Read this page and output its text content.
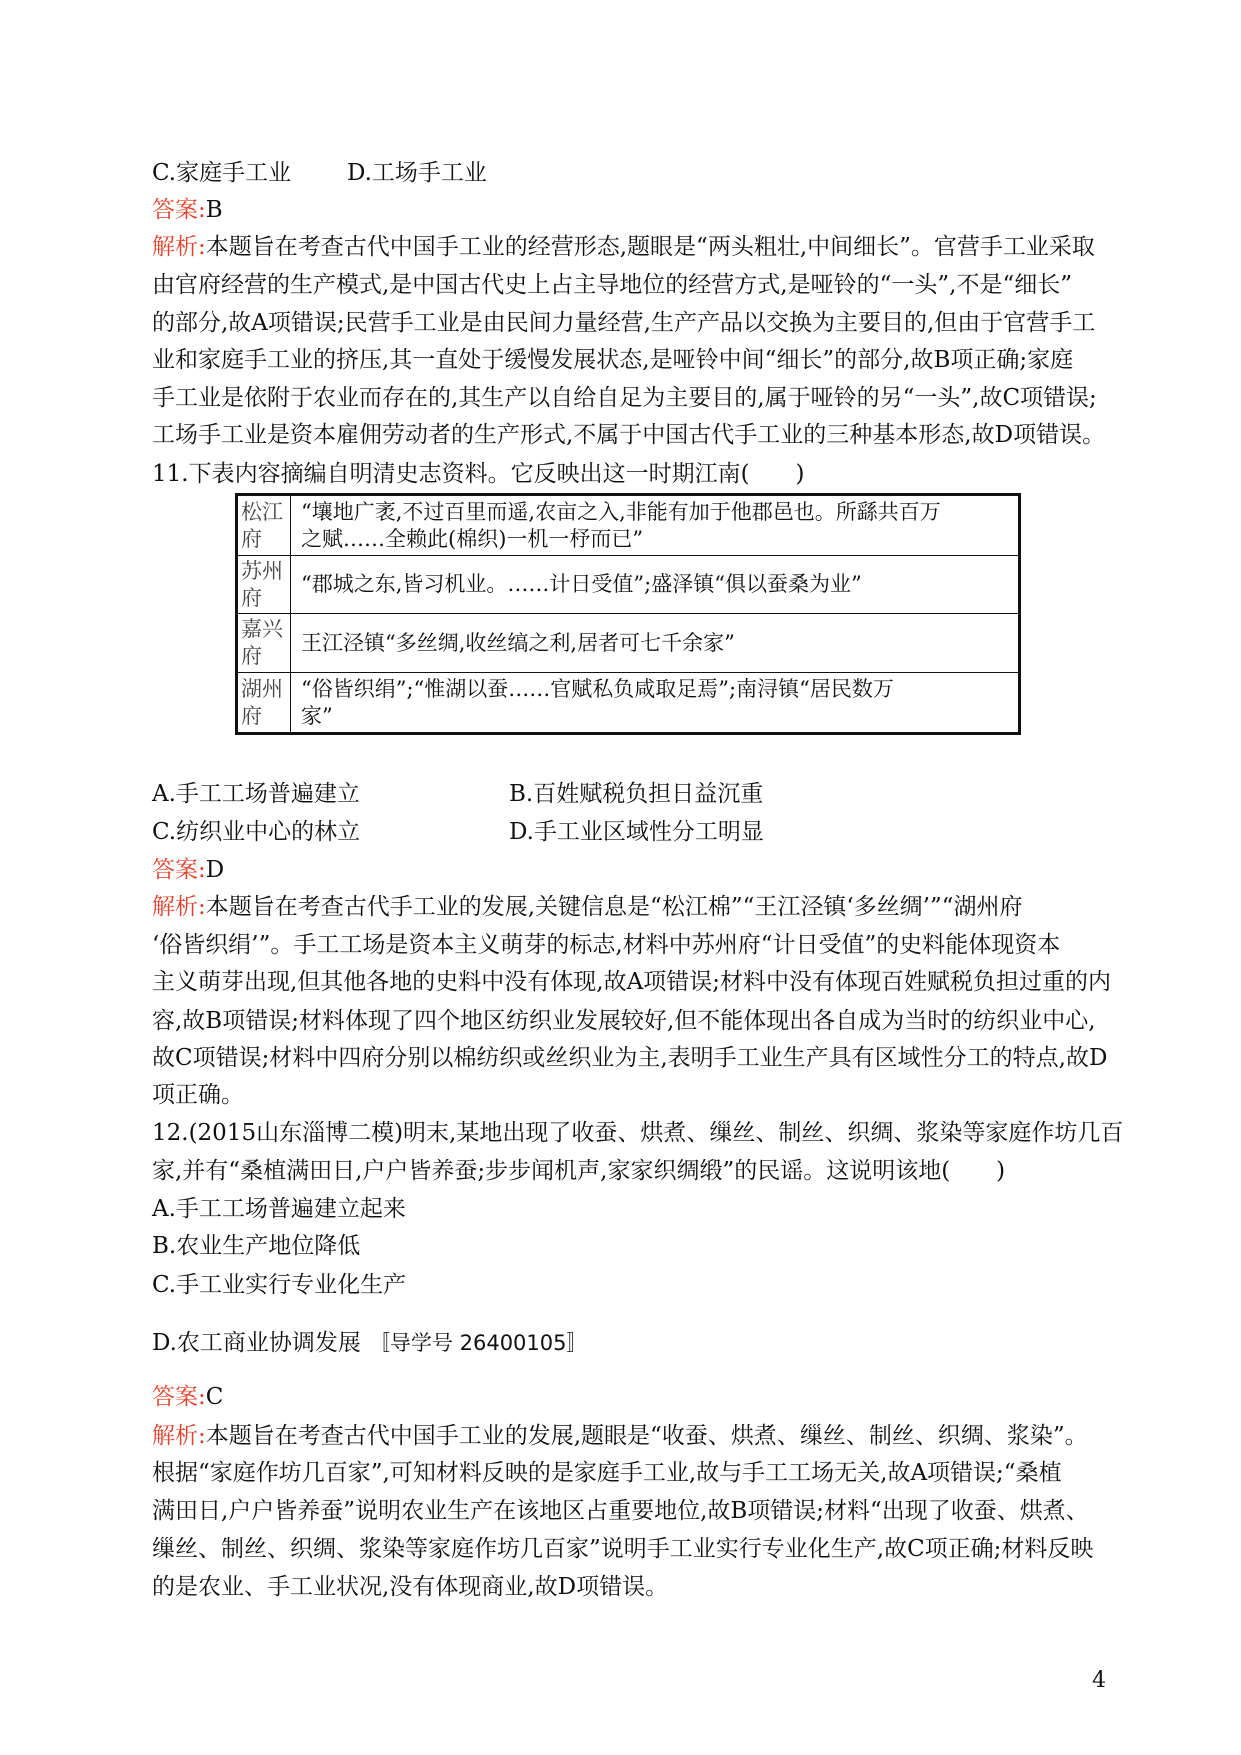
C.家庭手工业 D.工场手工业
答案:B
解析:本题旨在考查古代中国手工业的经营形态,题眼是“两头粗壮,中间细长”。官营手工业采取
由官府经营的生产模式,是中国古代史上占主导地位的经营方式,是哑铃的“一头”,不是“细长”
的部分,故A项错误;民营手工业是由民间力量经营,生产产品以交换为主要目的,但由于官营手工
业和家庭手工业的挤压,其一直处于缓慢发展状态,是哑铃中间“细长”的部分,故B项正确;家庭
手工业是依附于农业而存在的,其生产以自给自足为主要目的,属于哑铃的另“一头”,故C项错误;
工场手工业是资本雇佣劳动者的生产形式,不属于中国古代手工业的三种基本形态,故D项错误。
11.下表内容摘编自明清史志资料。它反映出这一时期江南(　　)
松江府
“壤地广袤,不过百里而遥,农亩之入,非能有加于他郡邑也。所繇共百万
之赋……全赖此(棉织)一机一杼而已”
苏州府
“郡城之东,皆习机业。……计日受值”;盛泽镇“俱以蚕桑为业”
嘉兴府
王江泾镇“多丝绸,收丝缟之利,居者可七千余家”
湖州府
“俗皆织绢”;“惟湖以蚕……官赋私负咸取足焉”;南浔镇“居民数万
家”
A.手工工场普遍建立	B.百姓赋税负担日益沉重
C.纺织业中心的林立	D.手工业区域性分工明显
答案:D
解析:本题旨在考查古代手工业的发展,关键信息是“松江棉”“王江泾镇‘多丝绸’”“湖州府
‘俗皆织绢’”。手工工场是资本主义萌芽的标志,材料中苏州府“计日受值”的史料能体现资本
主义萌芽出现,但其他各地的史料中没有体现,故A项错误;材料中没有体现百姓赋税负担过重的内
容,故B项错误;材料体现了四个地区纺织业发展较好,但不能体现出各自成为当时的纺织业中心,
故C项错误;材料中四府分别以棉纺织或丝织业为主,表明手工业生产具有区域性分工的特点,故D
项正确。
12.(2015山东淄博二模)明末,某地出现了收蚕、烘煮、缫丝、制丝、织绸、浆染等家庭作坊几百
家,并有“桑植满田日,户户皆养蚕;步步闻机声,家家织绸缎”的民谣。这说明该地(　　)
A.手工工场普遍建立起来
B.农业生产地位降低
C.手工业实行专业化生产
D.农工商业协调发展 〚导学号 26400105〛
答案:C
解析:本题旨在考查古代中国手工业的发展,题眼是“收蚕、烘煮、缫丝、制丝、织绸、浆染”。
根据“家庭作坊几百家”,可知材料反映的是家庭手工业,故与手工工场无关,故A项错误;“桑植
满田日,户户皆养蚕”说明农业生产在该地区占重要地位,故B项错误;材料“出现了收蚕、烘煮、
缫丝、制丝、织绸、浆染等家庭作坊几百家”说明手工业实行专业化生产,故C项正确;材料反映
的是农业、手工业状况,没有体现商业,故D项错误。
4
